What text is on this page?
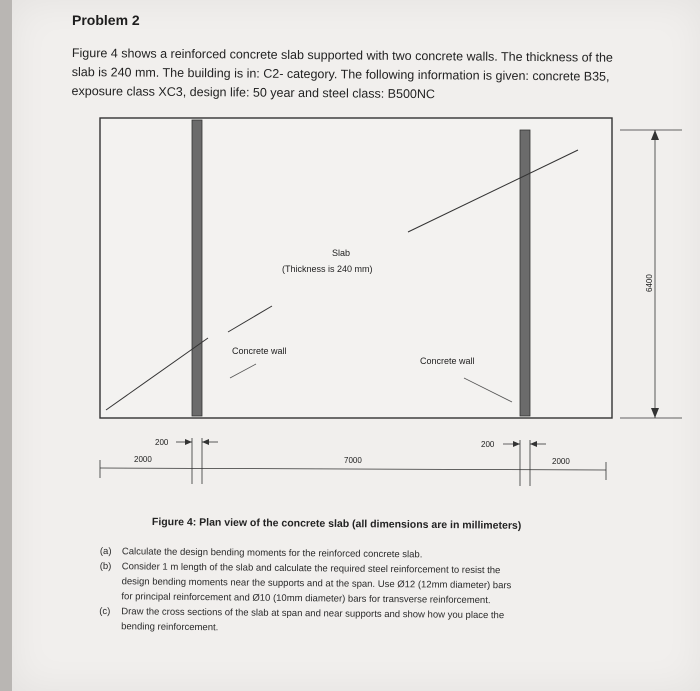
Problem 2
Figure 4 shows a reinforced concrete slab supported with two concrete walls. The thickness of the
slab is 240 mm. The building is in: C2- category. The following information is given: concrete B35,
exposure class XC3, design life: 50 year and steel class: B500NC
Slab
(Thickness is 240 mm)
Concrete wall
Concrete wall
6400
200
2000	7000
200
2000
Figure 4: Plan view of the concrete slab (all dimensions are in millimeters)
(a)	Calculate the design bending moments for the reinforced concrete slab.
(b)	Consider 1 m length of the slab and calculate the required steel reinforcement to resist the
design bending moments near the supports and at the span. Use Ø12 (12mm diameter) bars
for principal reinforcement and Ø10 (10mm diameter) bars for transverse reinforcement.
(c)	Draw the cross sections of the slab at span and near supports and show how you place the
bending reinforcement.
